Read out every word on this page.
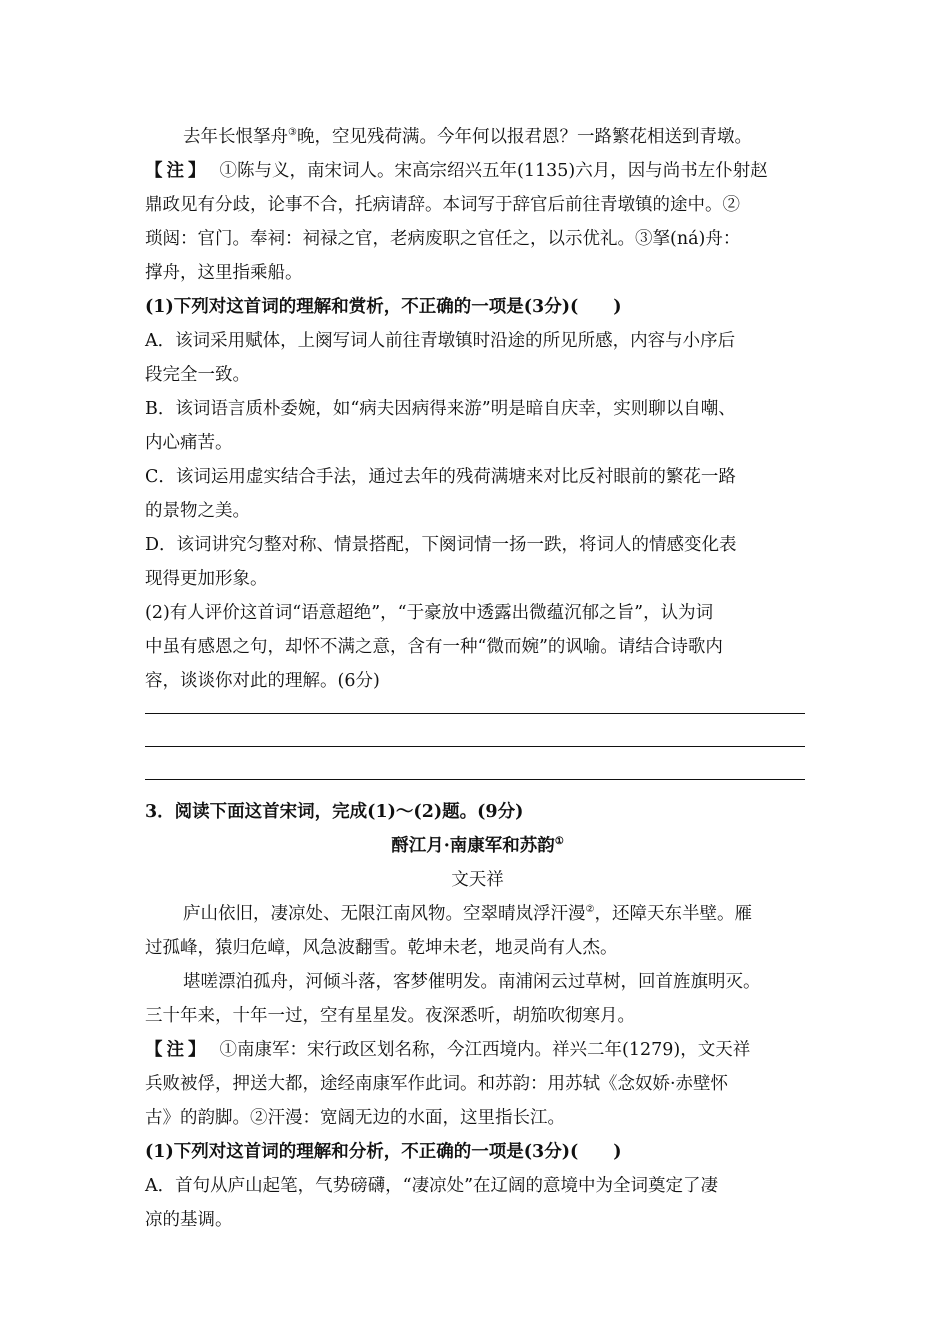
去年长恨拏舟③晚，空见残荷满。今年何以报君恩？一路繁花相送到青墩。
【注】 ①陈与义，南宋词人。宋高宗绍兴五年(1135)六月，因与尚书左仆射赵
鼎政见有分歧，论事不合，托病请辞。本词写于辞官后前往青墩镇的途中。②
琐闼：官门。奉祠：祠禄之官，老病废职之官任之，以示优礼。③拏(ná)舟：
撑舟，这里指乘船。
(1)下列对这首词的理解和赏析，不正确的一项是(3分)(　　)
A．该词采用赋体，上阕写词人前往青墩镇时沿途的所见所感，内容与小序后
段完全一致。
B．该词语言质朴委婉，如“病夫因病得来游”明是暗自庆幸，实则聊以自嘲、
内心痛苦。
C．该词运用虚实结合手法，通过去年的残荷满塘来对比反衬眼前的繁花一路
的景物之美。
D．该词讲究匀整对称、情景搭配，下阕词情一扬一跌，将词人的情感变化表
现得更加形象。
(2)有人评价这首词“语意超绝”，“于豪放中透露出微蕴沉郁之旨”，认为词
中虽有感恩之句，却怀不满之意，含有一种“微而婉”的讽喻。请结合诗歌内
容，谈谈你对此的理解。(6分)
3．阅读下面这首宋词，完成(1)～(2)题。(9分)
酹江月·南康军和苏韵①
文天祥
庐山依旧，凄凉处、无限江南风物。空翠晴岚浮汗漫②，还障天东半壁。雁
过孤峰，猿归危嶂，风急波翻雪。乾坤未老，地灵尚有人杰。
堪嗟漂泊孤舟，河倾斗落，客梦催明发。南浦闲云过草树，回首旌旗明灭。
三十年来，十年一过，空有星星发。夜深悉听，胡笳吹彻寒月。
【注】 ①南康军：宋行政区划名称，今江西境内。祥兴二年(1279)，文天祥
兵败被俘，押送大都，途经南康军作此词。和苏韵：用苏轼《念奴娇·赤壁怀
古》的韵脚。②汗漫：宽阔无边的水面，这里指长江。
(1)下列对这首词的理解和分析，不正确的一项是(3分)(　　)
A．首句从庐山起笔，气势磅礴，“凄凉处”在辽阔的意境中为全词奠定了凄
凉的基调。
